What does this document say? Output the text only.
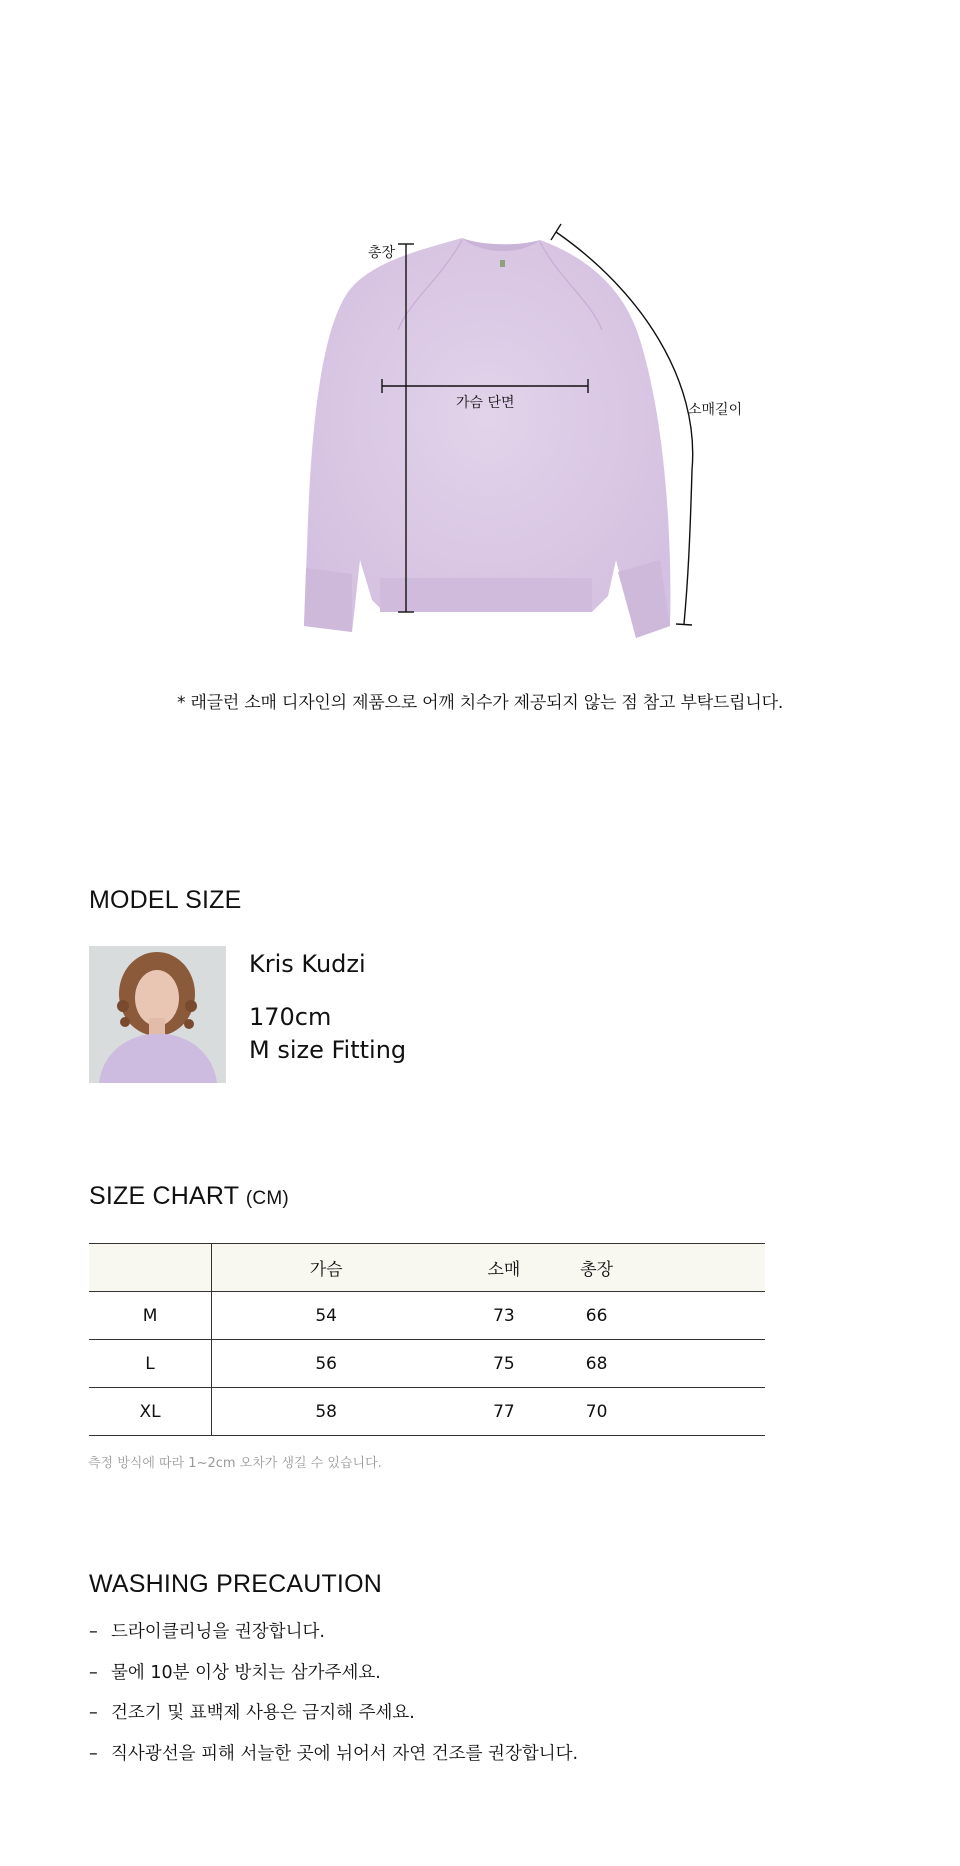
총장
가슴 단면	소매길이
* 래글런 소매 디자인의 제품으로 어깨 치수가 제공되지 않는 점 참고 부탁드립니다.
MODEL SIZE
Kris Kudzi
170cm
M size Fitting
SIZE CHART (CM)
	가슴	소매	총장
M	54	73	66
L	56	75	68
XL	58	77	70
측정 방식에 따라 1~2cm 오차가 생길 수 있습니다.
WASHING PRECAUTION
– 드라이클리닝을 권장합니다.
– 물에 10분 이상 방치는 삼가주세요.
– 건조기 및 표백제 사용은 금지해 주세요.
– 직사광선을 피해 서늘한 곳에 뉘어서 자연 건조를 권장합니다.
